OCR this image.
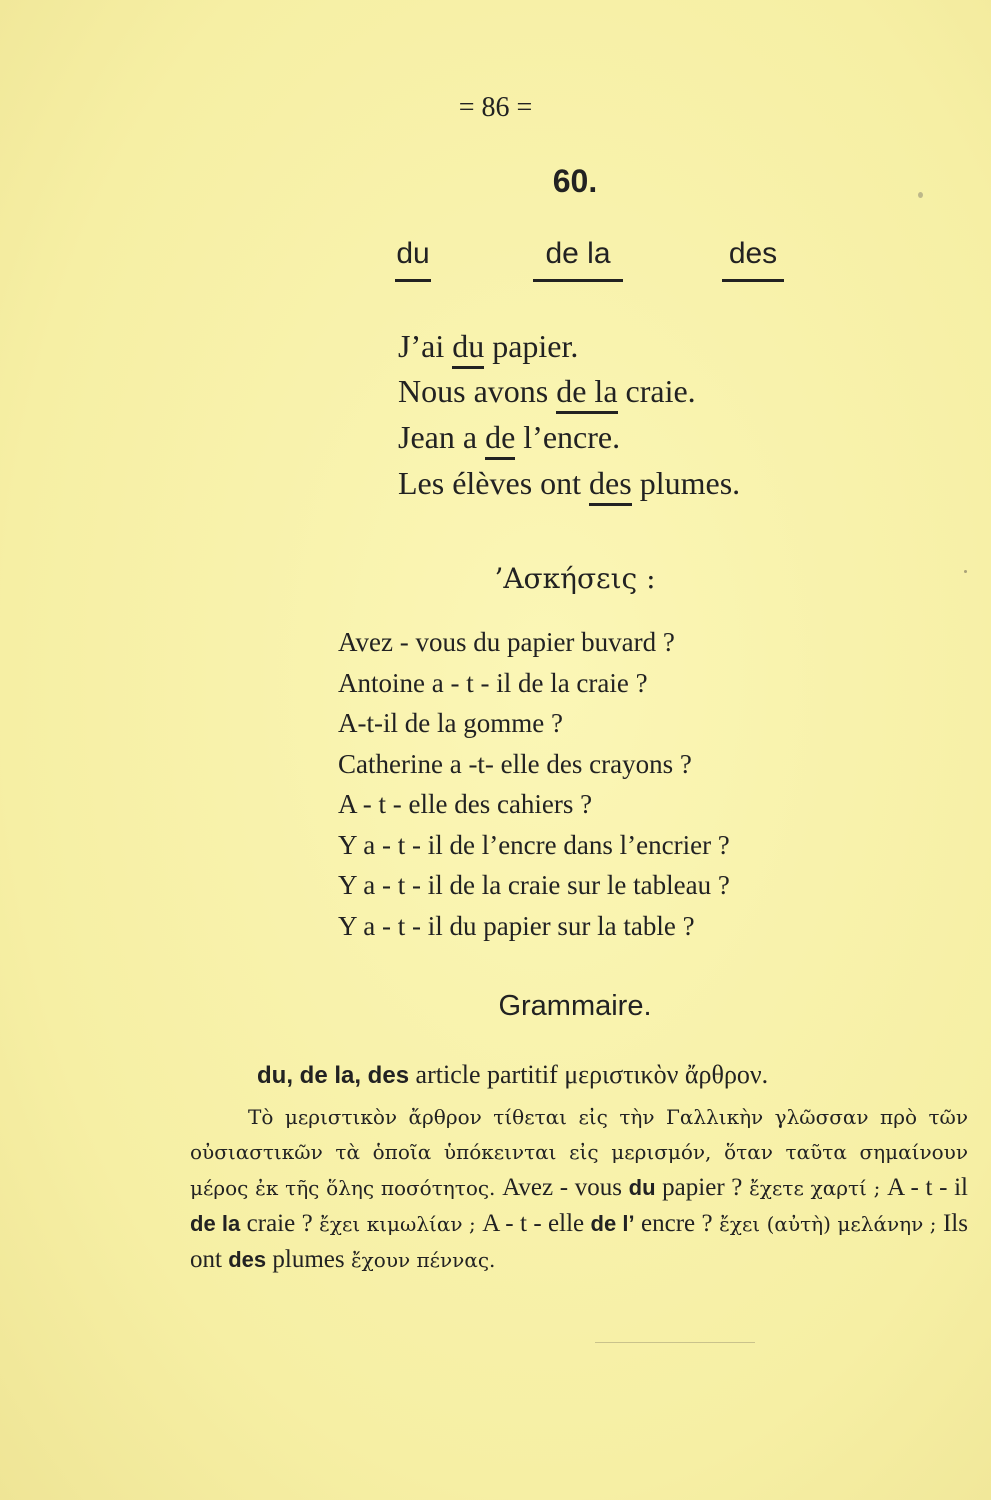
= 86 =
60.
du	de la	des
J’ai du papier.
Nous avons de la craie.
Jean a de l’encre.
Les élèves ont des plumes.
’Ασκήσεις :
Avez - vous du papier buvard ?
Antoine a - t - il de la craie ?
A-t-il de la gomme ?
Catherine a -t- elle des crayons ?
A - t - elle des cahiers ?
Y a - t - il de l’encre dans l’encrier ?
Y a - t - il de la craie sur le tableau ?
Y a - t - il du papier sur la table ?
Grammaire.
du, de la, des article partitif μεριστικὸν ἄρθρον.
Τὸ μεριστικὸν ἄρθρον τίθεται εἰς τὴν Γαλλικὴν γλῶσσαν πρὸ τῶν οὐσιαστικῶν τὰ ὁποῖα ὑπόκεινται εἰς μερισμόν, ὅταν ταῦτα σημαίνουν μέρος ἐκ τῆς ὅλης ποσότητος. Avez - vous du papier ? ἔχετε χαρτί ; A - t - il de la craie ? ἔχει κιμωλίαν ; A - t - elle de l’ encre ? ἔχει (αὐτὴ) μελάνην ; Ils ont des plumes ἔχουν πέννας.
